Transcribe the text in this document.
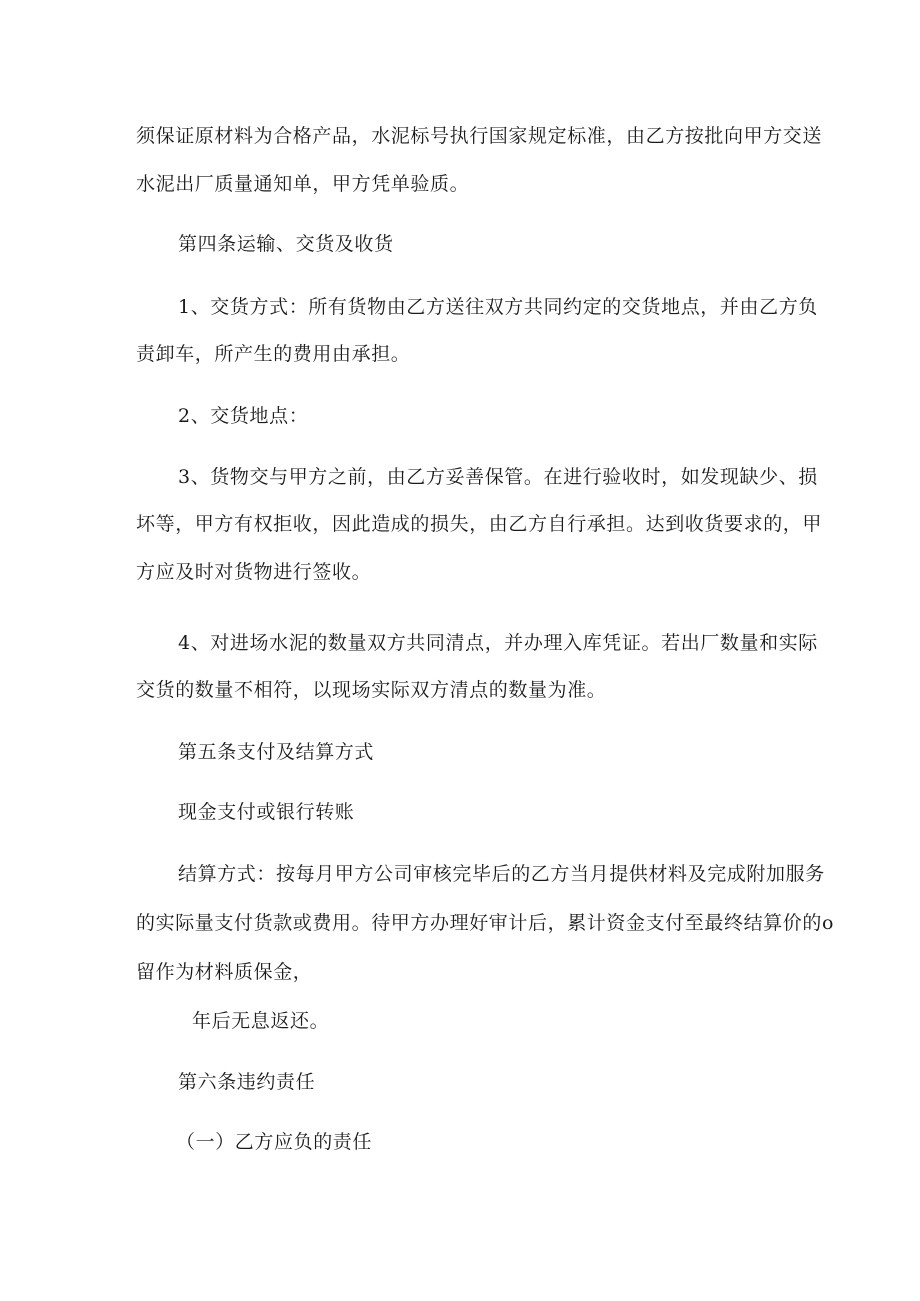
须保证原材料为合格产品，水泥标号执行国家规定标准，由乙方按批向甲方交送
水泥出厂质量通知单，甲方凭单验质。
第四条运输、交货及收货
1、交货方式：所有货物由乙方送往双方共同约定的交货地点，并由乙方负
责卸车，所产生的费用由承担。
2、交货地点：
3、货物交与甲方之前，由乙方妥善保管。在进行验收时，如发现缺少、损
坏等，甲方有权拒收，因此造成的损失，由乙方自行承担。达到收货要求的，甲
方应及时对货物进行签收。
4、对进场水泥的数量双方共同清点，并办理入库凭证。若出厂数量和实际
交货的数量不相符，以现场实际双方清点的数量为准。
第五条支付及结算方式
现金支付或银行转账
结算方式：按每月甲方公司审核完毕后的乙方当月提供材料及完成附加服务
的实际量支付货款或费用。待甲方办理好审计后，累计资金支付至最终结算价的o
留作为材料质保金，
年后无息返还。
第六条违约责任
（一）乙方应负的责任
